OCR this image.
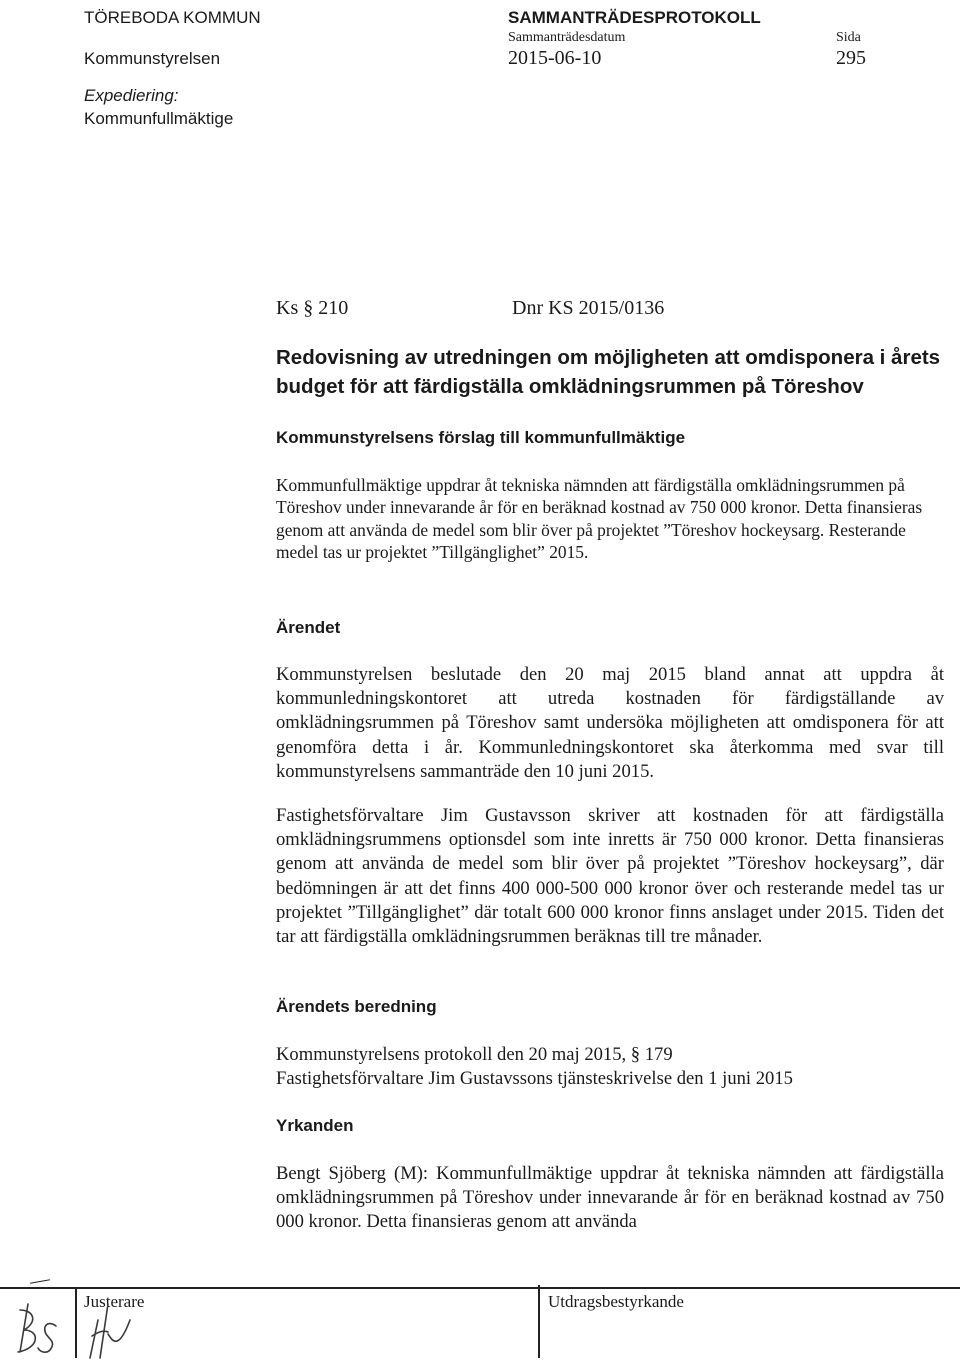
TÖREBODA KOMMUN
Kommunstyrelsen
SAMMANTRÄDESPROTOKOLL
Sammanträdesdatum
2015-06-10
Sida
295
Expediering:
Kommunfullmäktige
Ks § 210	Dnr KS 2015/0136
Redovisning av utredningen om möjligheten att omdisponera i årets budget för att färdigställa omklädningsrummen på Töreshov
Kommunstyrelsens förslag till kommunfullmäktige
Kommunfullmäktige uppdrar åt tekniska nämnden att färdigställa omklädningsrummen på Töreshov under innevarande år för en beräknad kostnad av 750 000 kronor. Detta finansieras genom att använda de medel som blir över på projektet ”Töreshov hockeysarg. Resterande medel tas ur projektet ”Tillgänglighet” 2015.
Ärendet
Kommunstyrelsen beslutade den 20 maj 2015 bland annat att uppdra åt kommunledningskontoret att utreda kostnaden för färdigställande av omklädningsrummen på Töreshov samt undersöka möjligheten att omdisponera för att genomföra detta i år. Kommunledningskontoret ska återkomma med svar till kommunstyrelsens sammanträde den 10 juni 2015.
Fastighetsförvaltare Jim Gustavsson skriver att kostnaden för att färdigställa omklädningsrummens optionsdel som inte inretts är 750 000 kronor. Detta finansieras genom att använda de medel som blir över på projektet ”Töreshov hockeysarg”, där bedömningen är att det finns 400 000-500 000 kronor över och resterande medel tas ur projektet ”Tillgänglighet” där totalt 600 000 kronor finns anslaget under 2015. Tiden det tar att färdigställa omklädningsrummen beräknas till tre månader.
Ärendets beredning
Kommunstyrelsens protokoll den 20 maj 2015, § 179
Fastighetsförvaltare Jim Gustavssons tjänsteskrivelse den 1 juni 2015
Yrkanden
Bengt Sjöberg (M): Kommunfullmäktige uppdrar åt tekniska nämnden att färdigställa omklädningsrummen på Töreshov under innevarande år för en beräknad kostnad av 750 000 kronor. Detta finansieras genom att använda
Justerare	Utdragsbestyrkande
